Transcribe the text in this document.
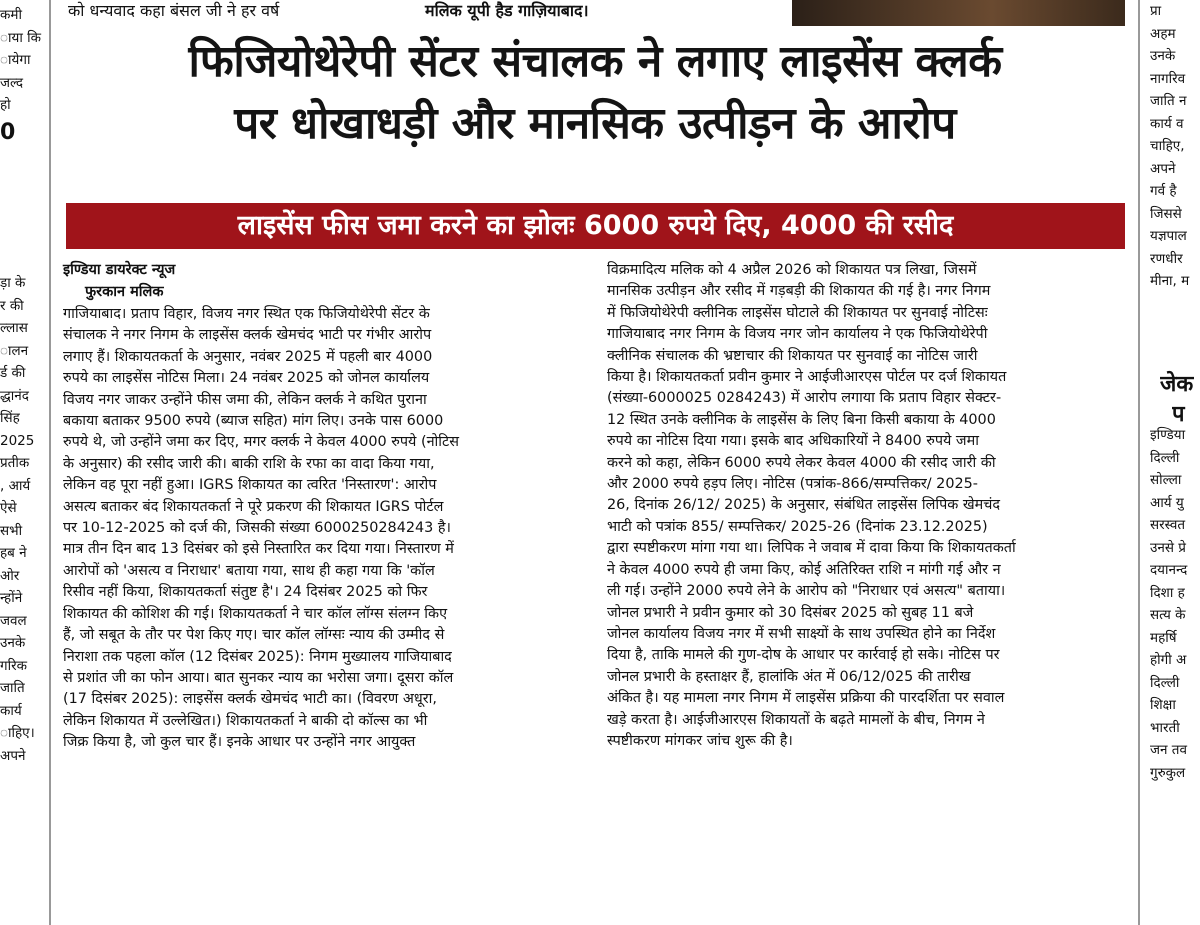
को धन्यवाद कहा बंसल जी ने हर वर्ष	मलिक यूपी हैड गाज़ियाबाद।
कमी
ाया कि
ायेगा
जल्द
हो
0
ड़ा के
र की
ल्लास
ालन
र्ड की
द्धानंद
सिंह
2025
प्रतीक
, आर्य
ऐसे
सभी
हब ने
ओर
न्होंने
जवल
उनके
गरिक
जाति
कार्य
ाहिए।
अपने
प्रा
अहम
उनके
नागरिव
जाति न
कार्य व
चाहिए,
अपने
गर्व है
जिससे
यज्ञपाल
रणधीर
मीना, म
जेक
प
इण्डिया
दिल्ली
सोल्ला
आर्य यु
सरस्वत
उनसे प्रे
दयानन्द
दिशा ह
सत्य के
महर्षि
होगी अ
दिल्ली
शिक्षा
भारती
जन तव
गुरुकुल
फिजियोथेरेपी सेंटर संचालक ने लगाए लाइसेंस क्लर्क
पर धोखाधड़ी और मानसिक उत्पीड़न के आरोप
लाइसेंस फीस जमा करने का झोलः 6000 रुपये दिए, 4000 की रसीद
इण्डिया डायरेक्ट न्यूज
फुरकान मलिक
गाजियाबाद। प्रताप विहार, विजय नगर स्थित एक फिजियोथेरेपी सेंटर के
संचालक ने नगर निगम के लाइसेंस क्लर्क खेमचंद भाटी पर गंभीर आरोप
लगाए हैं। शिकायतकर्ता के अनुसार, नवंबर 2025 में पहली बार 4000
रुपये का लाइसेंस नोटिस मिला। 24 नवंबर 2025 को जोनल कार्यालय
विजय नगर जाकर उन्होंने फीस जमा की, लेकिन क्लर्क ने कथित पुराना
बकाया बताकर 9500 रुपये (ब्याज सहित) मांग लिए। उनके पास 6000
रुपये थे, जो उन्होंने जमा कर दिए, मगर क्लर्क ने केवल 4000 रुपये (नोटिस
के अनुसार) की रसीद जारी की। बाकी राशि के रफा का वादा किया गया,
लेकिन वह पूरा नहीं हुआ। IGRS शिकायत का त्वरित 'निस्तारण': आरोप
असत्य बताकर बंद शिकायतकर्ता ने पूरे प्रकरण की शिकायत IGRS पोर्टल
पर 10-12-2025 को दर्ज की, जिसकी संख्या 6000250284243 है।
मात्र तीन दिन बाद 13 दिसंबर को इसे निस्तारित कर दिया गया। निस्तारण में
आरोपों को 'असत्य व निराधार' बताया गया, साथ ही कहा गया कि 'कॉल
रिसीव नहीं किया, शिकायतकर्ता संतुष्ट है'। 24 दिसंबर 2025 को फिर
शिकायत की कोशिश की गई। शिकायतकर्ता ने चार कॉल लॉग्स संलग्न किए
हैं, जो सबूत के तौर पर पेश किए गए। चार कॉल लॉग्सः न्याय की उम्मीद से
निराशा तक पहला कॉल (12 दिसंबर 2025): निगम मुख्यालय गाजियाबाद
से प्रशांत जी का फोन आया। बात सुनकर न्याय का भरोसा जगा। दूसरा कॉल
(17 दिसंबर 2025): लाइसेंस क्लर्क खेमचंद भाटी का। (विवरण अधूरा,
लेकिन शिकायत में उल्लेखित।) शिकायतकर्ता ने बाकी दो कॉल्स का भी
जिक्र किया है, जो कुल चार हैं। इनके आधार पर उन्होंने नगर आयुक्त
विक्रमादित्य मलिक को 4 अप्रैल 2026 को शिकायत पत्र लिखा, जिसमें
मानसिक उत्पीड़न और रसीद में गड़बड़ी की शिकायत की गई है। नगर निगम
में फिजियोथेरेपी क्लीनिक लाइसेंस घोटाले की शिकायत पर सुनवाई नोटिसः
गाजियाबाद नगर निगम के विजय नगर जोन कार्यालय ने एक फिजियोथेरेपी
क्लीनिक संचालक की भ्रष्टाचार की शिकायत पर सुनवाई का नोटिस जारी
किया है। शिकायतकर्ता प्रवीन कुमार ने आईजीआरएस पोर्टल पर दर्ज शिकायत
(संख्या-6000025 0284243) में आरोप लगाया कि प्रताप विहार सेक्टर-
12 स्थित उनके क्लीनिक के लाइसेंस के लिए बिना किसी बकाया के 4000
रुपये का नोटिस दिया गया। इसके बाद अधिकारियों ने 8400 रुपये जमा
करने को कहा, लेकिन 6000 रुपये लेकर केवल 4000 की रसीद जारी की
और 2000 रुपये हड़प लिए। नोटिस (पत्रांक-866/सम्पत्तिकर/ 2025-
26, दिनांक 26/12/ 2025) के अनुसार, संबंधित लाइसेंस लिपिक खेमचंद
भाटी को पत्रांक 855/ सम्पत्तिकर/ 2025-26 (दिनांक 23.12.2025)
द्वारा स्पष्टीकरण मांगा गया था। लिपिक ने जवाब में दावा किया कि शिकायतकर्ता
ने केवल 4000 रुपये ही जमा किए, कोई अतिरिक्त राशि न मांगी गई और न
ली गई। उन्होंने 2000 रुपये लेने के आरोप को "निराधार एवं असत्य" बताया।
जोनल प्रभारी ने प्रवीन कुमार को 30 दिसंबर 2025 को सुबह 11 बजे
जोनल कार्यालय विजय नगर में सभी साक्ष्यों के साथ उपस्थित होने का निर्देश
दिया है, ताकि मामले की गुण-दोष के आधार पर कार्रवाई हो सके। नोटिस पर
जोनल प्रभारी के हस्ताक्षर हैं, हालांकि अंत में 06/12/025 की तारीख
अंकित है। यह मामला नगर निगम में लाइसेंस प्रक्रिया की पारदर्शिता पर सवाल
खड़े करता है। आईजीआरएस शिकायतों के बढ़ते मामलों के बीच, निगम ने
स्पष्टीकरण मांगकर जांच शुरू की है।
